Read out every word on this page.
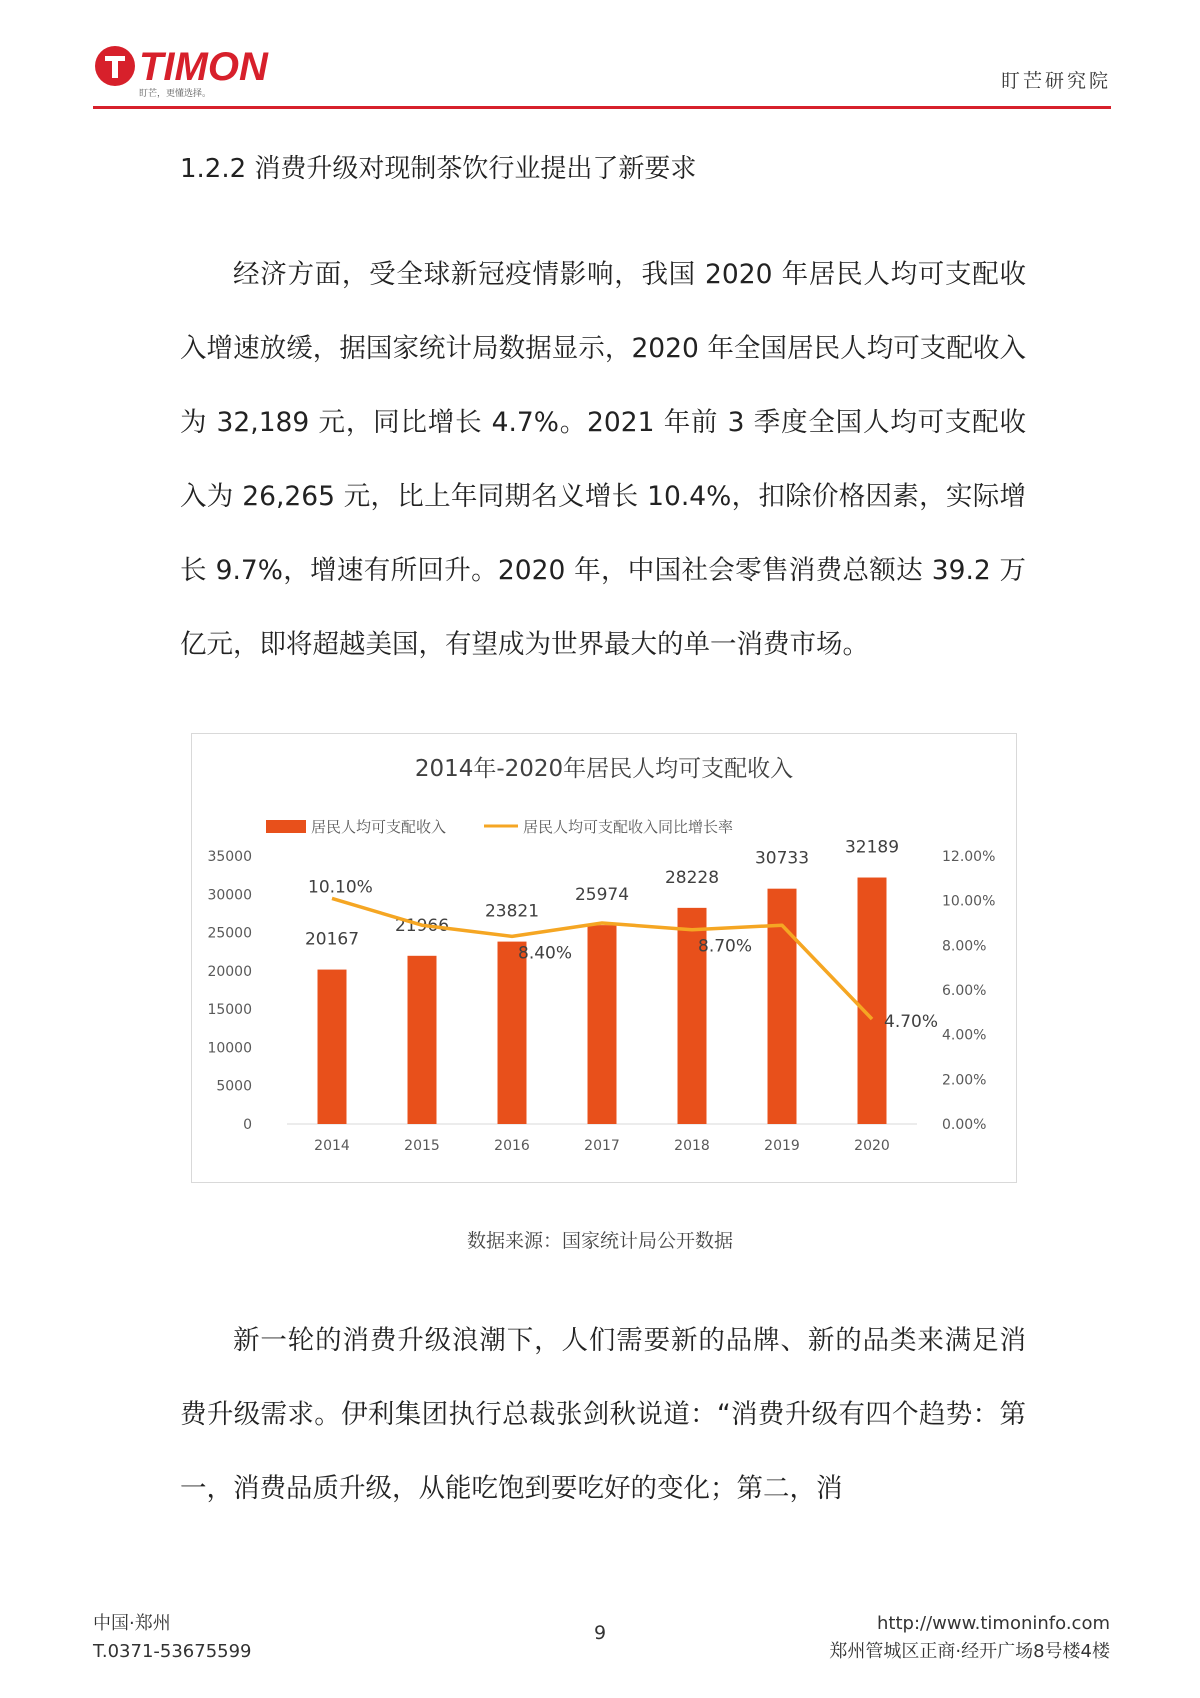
TIMON
盯芒，更懂选择。
盯芒研究院
1.2.2 消费升级对现制茶饮行业提出了新要求

经济方面，受全球新冠疫情影响，我国 2020 年居民人均可支配收入增速放缓，据国家统计局数据显示，2020 年全国居民人均可支配收入为 32,189 元，同比增长 4.7%。2021 年前 3 季度全国人均可支配收入为 26,265 元，比上年同期名义增长 10.4%，扣除价格因素，实际增长 9.7%，增速有所回升。2020 年，中国社会零售消费总额达 39.2 万亿元，即将超越美国，有望成为世界最大的单一消费市场。

2014年-2020年居民人均可支配收入
居民人均可支配收入	居民人均可支配收入同比增长率
0
5000
10000
15000
20000
25000
30000
35000
0.00%
2.00%
4.00%
6.00%
8.00%
10.00%
12.00%
20167
2014
21966
2015
23821
2016
25974
2017
28228
2018
30733
2019
32189
2020
10.10%
8.40%	8.70%
4.70%
数据来源：国家统计局公开数据

新一轮的消费升级浪潮下，人们需要新的品牌、新的品类来满足消费升级需求。伊利集团执行总裁张剑秋说道：“消费升级有四个趋势：第一，消费品质升级，从能吃饱到要吃好的变化；第二，消

中国·郑州
T.0371-53675599
9	http://www.timoninfo.com
郑州管城区正商·经开广场8号楼4楼
